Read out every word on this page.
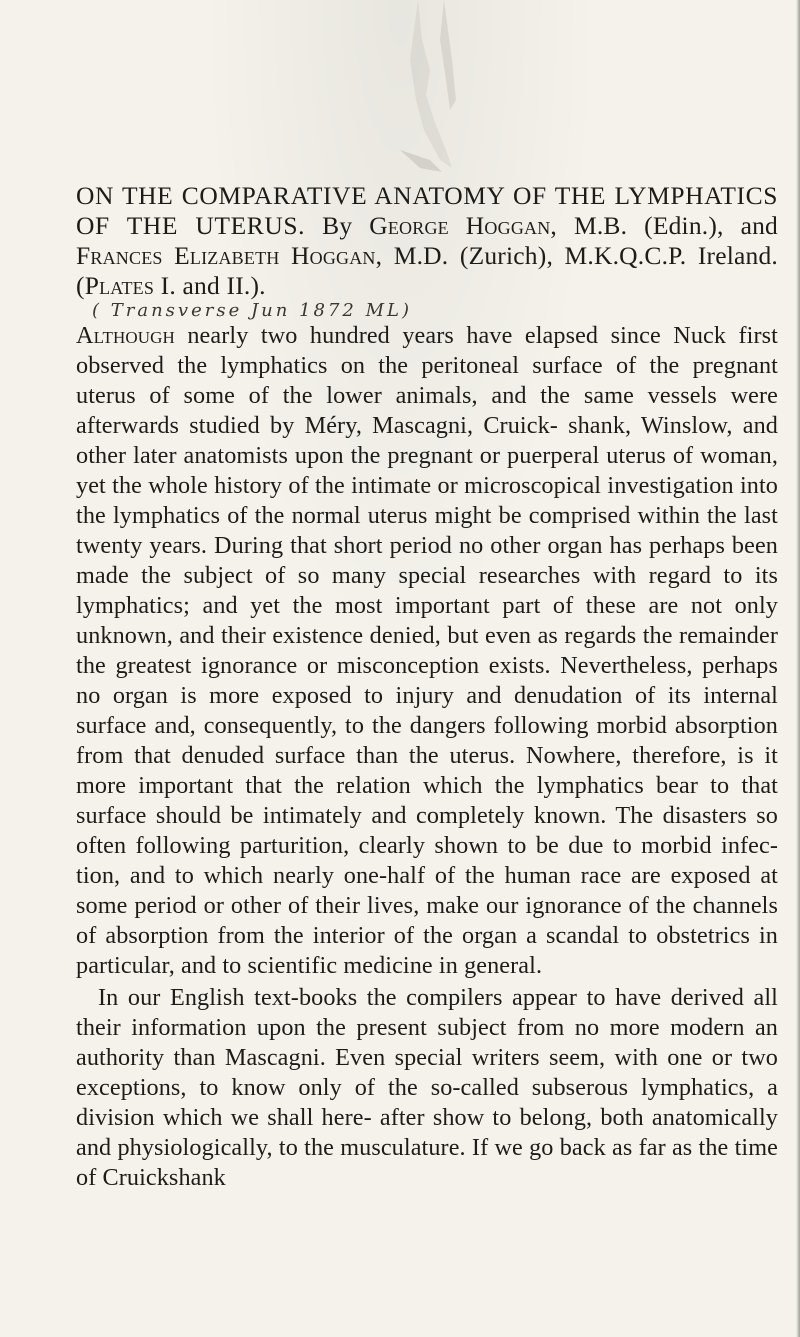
ON THE COMPARATIVE ANATOMY OF THE LYMPHATICS OF THE UTERUS. By George Hoggan, M.B. (Edin.), and Frances Elizabeth Hoggan, M.D. (Zurich), M.K.Q.C.P. Ireland. (Plates I. and II.).

( Transverse Jun 1872 ML)

Although nearly two hundred years have elapsed since Nuck first observed the lymphatics on the peritoneal surface of the pregnant uterus of some of the lower animals, and the same vessels were afterwards studied by Méry, Mascagni, Cruick- shank, Winslow, and other later anatomists upon the pregnant or puerperal uterus of woman, yet the whole history of the intimate or microscopical investigation into the lymphatics of the normal uterus might be comprised within the last twenty years. During that short period no other organ has perhaps been made the subject of so many special researches with regard to its lymphatics; and yet the most important part of these are not only unknown, and their existence denied, but even as regards the remainder the greatest ignorance or misconception exists. Nevertheless, perhaps no organ is more exposed to injury and denudation of its internal surface and, consequently, to the dangers following morbid absorption from that denuded surface than the uterus. Nowhere, therefore, is it more important that the relation which the lymphatics bear to that surface should be intimately and completely known. The disasters so often following parturition, clearly shown to be due to morbid infec- tion, and to which nearly one-half of the human race are exposed at some period or other of their lives, make our ignorance of the channels of absorption from the interior of the organ a scandal to obstetrics in particular, and to scientific medicine in general.

In our English text-books the compilers appear to have derived all their information upon the present subject from no more modern an authority than Mascagni. Even special writers seem, with one or two exceptions, to know only of the so-called subserous lymphatics, a division which we shall here- after show to belong, both anatomically and physiologically, to the musculature. If we go back as far as the time of Cruickshank
